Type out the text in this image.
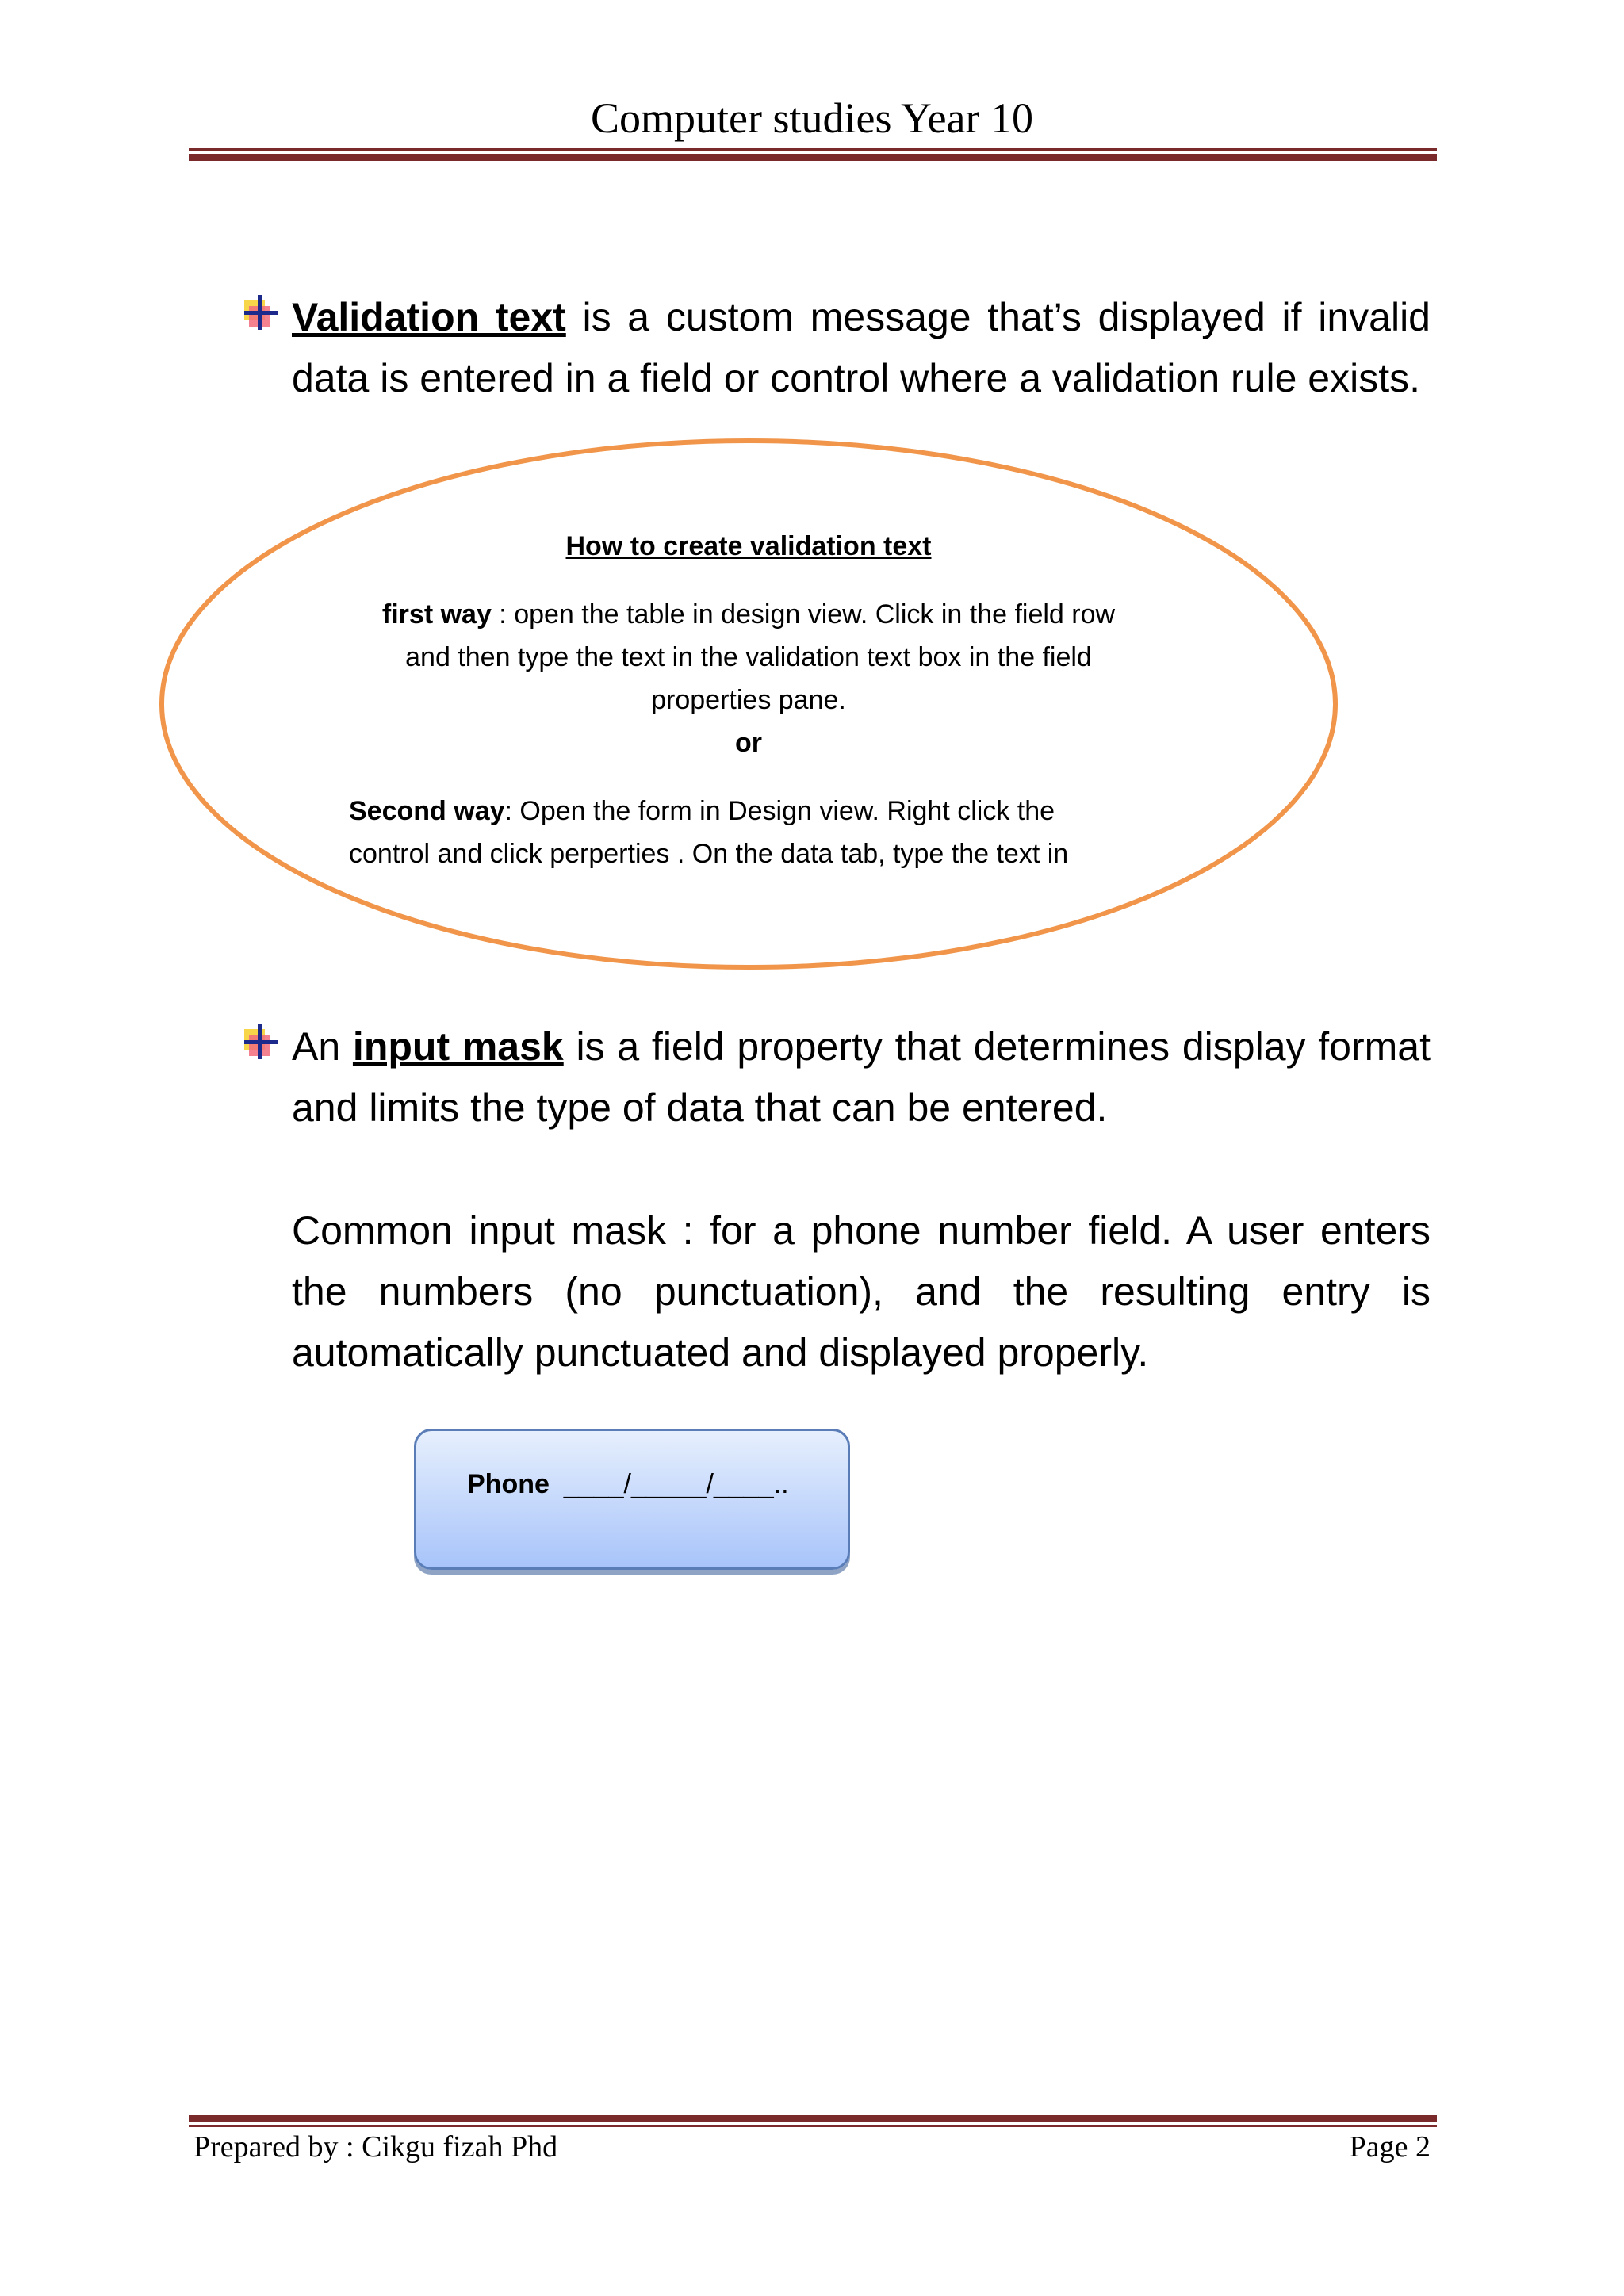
Computer studies Year 10
Validation text is a custom message that’s displayed if invalid data is entered in a field or control where a validation rule exists.
How to create validation text
first way : open the table in design view. Click in the field row
and then type the text in the validation text box in the field
properties pane.
or
Second way: Open the form in Design view. Right click the
control and click perperties . On the data tab, type the text in
An input mask is a field property that determines display format and limits the type of data that can be entered.
Common input mask : for a phone number field. A user enters the numbers (no punctuation), and the resulting entry is automatically punctuated and displayed properly.
Phone ____/_____/____..
Prepared by : Cikgu fizah Phd	Page 2
